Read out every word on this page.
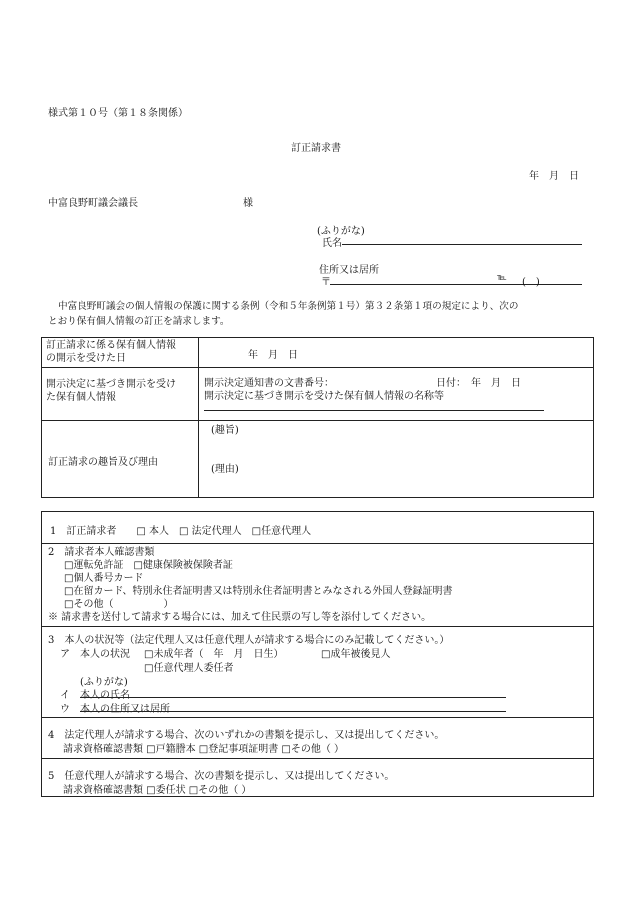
様式第１０号（第１８条関係）
訂正請求書
年　月　日
中富良野町議会議長	様
(ふりがな)
氏名
住所又は居所
〒	℡ (　)
中富良野町議会の個人情報の保護に関する条例（令和５年条例第１号）第３２条第１項の規定により、次の
とおり保有個人情報の訂正を請求します。
訂正請求に係る保有個人情報
の開示を受けた日	年　月　日
開示決定に基づき開示を受け
た保有個人情報
開示決定通知書の文書番号：	日付：　年　月　日
開示決定に基づき開示を受けた保有個人情報の名称等
訂正請求の趣旨及び理由
(趣旨)
(理由)
1　訂正請求者　　□ 本人　□ 法定代理人　□任意代理人
2　請求者本人確認書類
□運転免許証　□健康保険被保険者証
□個人番号カード
□在留カード、特別永住者証明書又は特別永住者証明書とみなされる外国人登録証明書
□その他（　　　　　）
※ 請求書を送付して請求する場合には、加えて住民票の写し等を添付してください。
3　本人の状況等（法定代理人又は任意代理人が請求する場合にのみ記載してください。）
ア　本人の状況 □未成年者（　年　月　日生）	□成年被後見人
□任意代理人委任者
(ふりがな)
イ　本人の氏名
ウ　本人の住所又は居所
4　法定代理人が請求する場合、次のいずれかの書類を提示し、又は提出してください。
請求資格確認書類 □戸籍謄本 □登記事項証明書 □その他（ ）
5　任意代理人が請求する場合、次の書類を提示し、又は提出してください。
請求資格確認書類 □委任状 □その他（ ）
